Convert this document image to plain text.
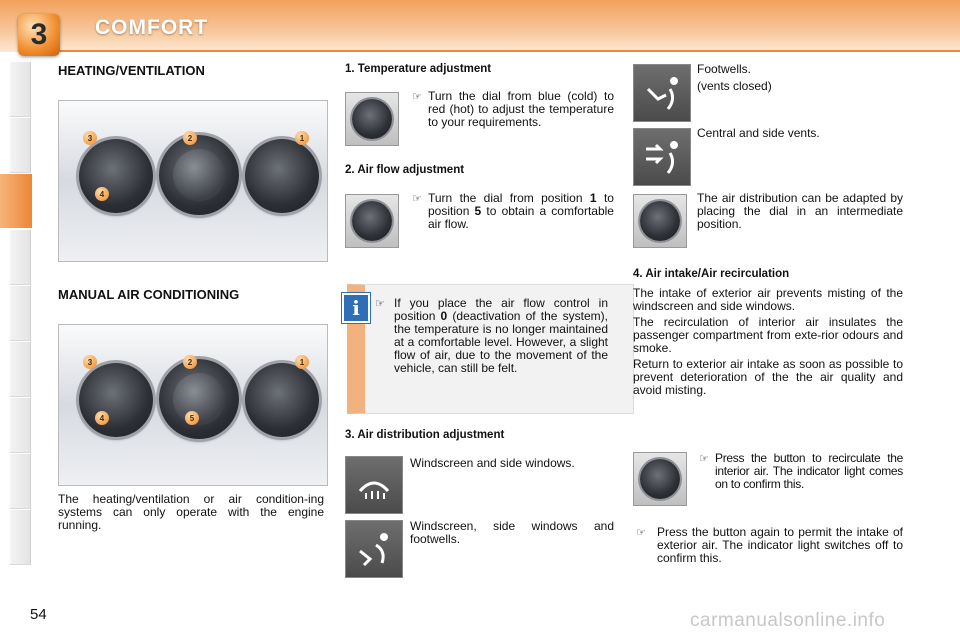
3 COMFORT
HEATING/VENTILATION
3	2	1
4
MANUAL AIR CONDITIONING
3	2	1
4	5
The heating/ventilation or air condition-ing systems can only operate with the engine running.
1. Temperature adjustment
☞ Turn the dial from blue (cold) to red (hot) to adjust the temperature to your requirements.
2. Air flow adjustment
☞ Turn the dial from position 1 to position 5 to obtain a comfortable air flow.
i	☞ If you place the air flow control in position 0 (deactivation of the system), the temperature is no longer maintained at a comfortable level. However, a slight flow of air, due to the movement of the vehicle, can still be felt.
3. Air distribution adjustment
Windscreen and side windows.
Windscreen, side windows and footwells.
Footwells.
(vents closed)
Central and side vents.
The air distribution can be adapted by placing the dial in an intermediate position.
4. Air intake/Air recirculation
The intake of exterior air prevents misting of the windscreen and side windows.
The recirculation of interior air insulates the passenger compartment from exte-rior odours and smoke.
Return to exterior air intake as soon as possible to prevent deterioration of the the air quality and avoid misting.
☞ Press the button to recirculate the interior air. The indicator light comes on to confirm this.
☞ Press the button again to permit the intake of exterior air. The indicator light switches off to confirm this.
54	carmanualsonline.info
